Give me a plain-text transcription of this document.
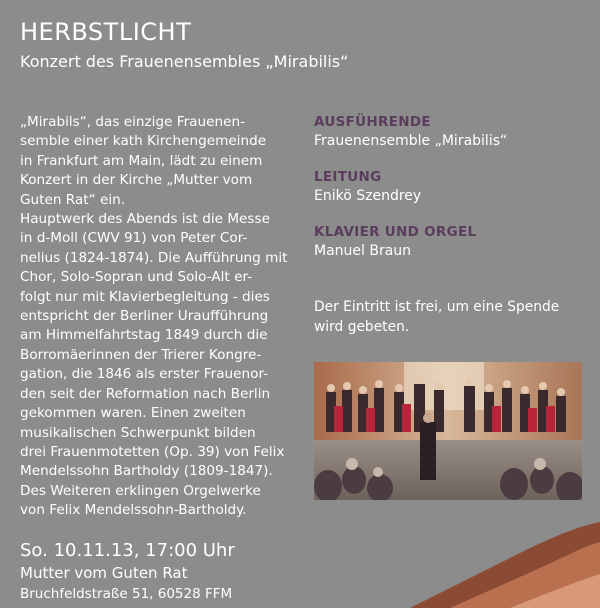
HERBSTLICHT
Konzert des Frauenensembles „Mirabilis“

„Mirabils“, das einzige Frauenen-
semble einer kath Kirchengemeinde
in Frankfurt am Main, lädt zu einem
Konzert in der Kirche „Mutter vom
Guten Rat“ ein.

Hauptwerk des Abends ist die Messe
in d-Moll (CWV 91) von Peter Cor-
nelius (1824-1874). Die Aufführung mit
Chor, Solo-Sopran und Solo-Alt er-
folgt nur mit Klavierbegleitung - dies
entspricht der Berliner Uraufführung
am Himmelfahrtstag 1849 durch die
Borromäerinnen der Trierer Kongre-
gation, die 1846 als erster Frauenor-
den seit der Reformation nach Berlin
gekommen waren. Einen zweiten
musikalischen Schwerpunkt bilden
drei Frauenmotetten (Op. 39) von Felix
Mendelssohn Bartholdy (1809-1847).
Des Weiteren erklingen Orgelwerke
von Felix Mendelssohn-Bartholdy.

AUSFÜHRENDE
Frauenensemble „Mirabilis“
LEITUNG
Enikö Szendrey
KLAVIER UND ORGEL
Manuel Braun
Der Eintritt ist frei, um eine Spende
wird gebeten.
So. 10.11.13, 17:00 Uhr
Mutter vom Guten Rat
Bruchfeldstraße 51, 60528 FFM
